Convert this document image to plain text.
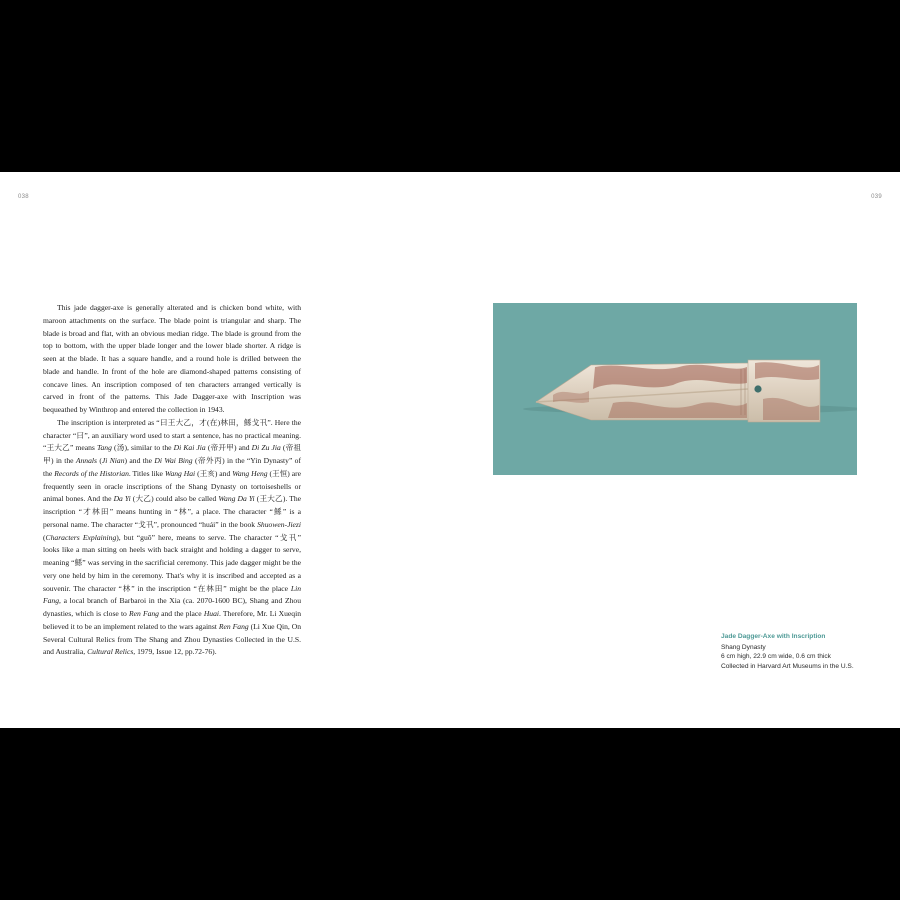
038	039

This jade dagger-axe is generally alterated and is chicken bond white, with maroon attachments on the surface. The blade point is triangular and sharp. The blade is broad and flat, with an obvious median ridge. The blade is ground from the top to bottom, with the upper blade longer and the lower blade shorter. A ridge is seen at the blade. It has a square handle, and a round hole is drilled between the blade and handle. In front of the hole are diamond-shaped patterns consisting of concave lines. An inscription composed of ten characters arranged vertically is carved in front of the patterns. This Jade Dagger-axe with Inscription was bequeathed by Winthrop and entered the collection in 1943.

The inscription is interpreted as “曰王大乙，才(在)林田，鯀戈卂”. Here the character “曰”, an auxiliary word used to start a sentence, has no practical meaning. “王大乙” means Tang (汤), similar to the Di Kai Jia (帝开甲) and Di Zu Jia (帝祖甲) in the Annals (Ji Nian) and the Di Wai Bing (帝外丙) in the “Yin Dynasty” of the Records of the Historian. Titles like Wang Hai (王亥) and Wang Heng (王恒) are frequently seen in oracle inscriptions of the Shang Dynasty on tortoiseshells or animal bones. And the Da Yi (大乙) could also be called Wang Da Yi (王大乙). The inscription “才林田” means hunting in “林”, a place. The character “鯀” is a personal name. The character “戈卂”, pronounced “huái” in the book Shuowen-Jiezi (Characters Explaining), but “guō” here, means to serve. The character “戈卂” looks like a man sitting on heels with back straight and holding a dagger to serve, meaning “鯀” was serving in the sacrificial ceremony. This jade dagger might be the very one held by him in the ceremony. That's why it is inscribed and accepted as a souvenir. The character “林” in the inscription “在林田” might be the place Lin Fang, a local branch of Barbaroi in the Xia (ca. 2070-1600 BC), Shang and Zhou dynasties, which is close to Ren Fang and the place Huai. Therefore, Mr. Li Xueqin believed it to be an implement related to the wars against Ren Fang (Li Xue Qin, On Several Cultural Relics from The Shang and Zhou Dynasties Collected in the U.S. and Australia, Cultural Relics, 1979, Issue 12, pp.72-76).

Jade Dagger-Axe with Inscription
Shang Dynasty
6 cm high, 22.9 cm wide, 0.6 cm thick
Collected in Harvard Art Museums in the U.S.
